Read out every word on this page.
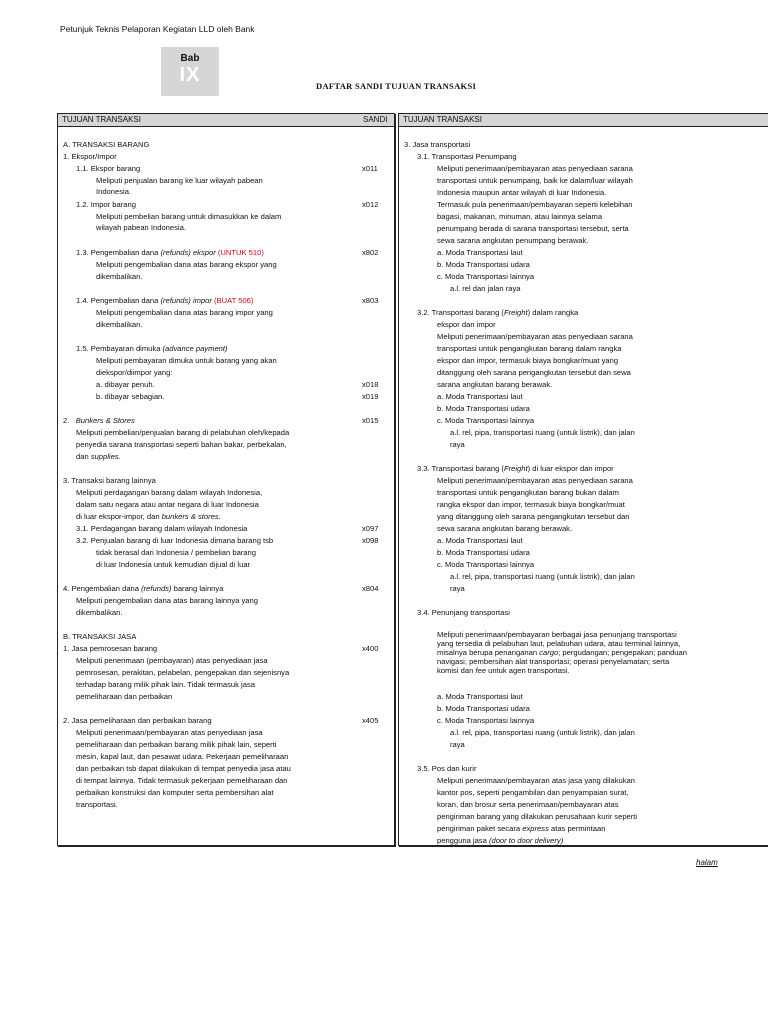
Petunjuk Teknis Pelaporan Kegiatan LLD oleh Bank
Bab
IX	DAFTAR SANDI TUJUAN TRANSAKSI
TUJUAN TRANSAKSI	SANDI
A. TRANSAKSI BARANG
1. Ekspor/Impor
1.1. Ekspor barang	x011
Meliputi penjualan barang ke luar wilayah pabean
Indonesia.
1.2. Impor barang	x012
Meliputi pembelian barang untuk dimasukkan ke dalam
wilayah pabean Indonesia.
1.3. Pengembalian dana (refunds) ekspor (UNTUK 510)	x802
Meliputi pengembalian dana atas barang ekspor yang
dikembalikan.
1.4. Pengembalian dana (refunds) impor (BUAT 506)	x803
Meliputi pengembalian dana atas barang impor yang
dikembalikan.
1.5. Pembayaran dimuka (advance payment)
Meliputi pembayaran dimuka untuk barang yang akan
diekspor/diimpor yang:
a. dibayar penuh.	x018
b. dibayar sebagian.	x019
2. Bunkers & Stores	x015
Meliputi pembelian/penjualan barang di pelabuhan oleh/kepada
penyedia sarana transportasi seperti bahan bakar, perbekalan,
dan supplies.
3. Transaksi barang lainnya
Meliputi perdagangan barang dalam wilayah Indonesia,
dalam satu negara atau antar negara di luar Indonesia
di luar ekspor-impor, dan bunkers & stores.
3.1. Perdagangan barang dalam wilayah Indonesia	x097
3.2. Penjualan barang di luar Indonesia dimana barang tsb	x098
tidak berasal dari Indonesia / pembelian barang
di luar Indonesia untuk kemudian dijual di luar
4. Pengembalian dana (refunds) barang lainnya	x804
Meliputi pengembalian dana atas barang lainnya yang
dikembalikan.
B. TRANSAKSI JASA
1. Jasa pemrosesan barang	x400
Meliputi penerimaan (pembayaran) atas penyediaan jasa
pemrosesan, perakitan, pelabelan, pengepakan dan sejenisnya
terhadap barang milik pihak lain. Tidak termasuk jasa
pemeliharaan dan perbaikan
2. Jasa pemeliharaan dan perbaikan barang	x405
Meliputi penerimaan/pembayaran atas penyediaan jasa
pemeliharaan dan perbaikan barang milik pihak lain, seperti
mesin, kapal laut, dan pesawat udara. Pekerjaan pemeliharaan
dan perbaikan tsb dapat dilakukan di tempat penyedia jasa atau
di tempat lainnya. Tidak termasuk pekerjaan pemeliharaan dan
perbaikan konstruksi dan komputer serta pembersihan alat
transportasi.
TUJUAN TRANSAKSI
3. Jasa transportasi
3.1. Transportasi Penumpang
Meliputi penerimaan/pembayaran atas penyediaan sarana
transportasi untuk penumpang, baik ke dalam/luar wilayah
Indonesia maupun antar wilayah di luar Indonesia.
Termasuk pula penerimaan/pembayaran seperti kelebihan
bagasi, makanan, minuman, atau lainnya selama
penumpang berada di sarana transportasi tersebut, serta
sewa sarana angkutan penumpang berawak.
a. Moda Transportasi laut
b. Moda Transportasi udara
c. Moda Transportasi lainnya
a.l. rel dan jalan raya
3.2. Transportasi barang (Freight) dalam rangka
ekspor dan impor
Meliputi penerimaan/pembayaran atas penyediaan sarana
transportasi untuk pengangkutan barang dalam rangka
ekspor dan impor, termasuk biaya bongkar/muat yang
ditanggung oleh sarana pengangkutan tersebut dan sewa
sarana angkutan barang berawak.
a. Moda Transportasi laut
b. Moda Transportasi udara
c. Moda Transportasi lainnya
a.l. rel, pipa, transportasi ruang (untuk listrik), dan jalan
raya
3.3. Transportasi barang (Freight) di luar ekspor dan impor
Meliputi penerimaan/pembayaran atas penyediaan sarana
transportasi untuk pengangkutan barang bukan dalam
rangka ekspor dan impor, termasuk biaya bongkar/muat
yang ditanggung oleh sarana pengangkutan tersebut dan
sewa sarana angkutan barang berawak.
a. Moda Transportasi laut
b. Moda Transportasi udara
c. Moda Transportasi lainnya
a.l. rel, pipa, transportasi ruang (untuk listrik), dan jalan
raya
3.4. Penunjang transportasi
Meliputi penerimaan/pembayaran berbagai jasa penunjang transportasi
yang tersedia di pelabuhan laut, pelabuhan udara, atau terminal lainnya,
misalnya berupa penanganan cargo; pergudangan; pengepakan; panduan
navigasi; pembersihan alat transportasi; operasi penyelamatan; serta
komisi dan fee untuk agen transportasi.
a. Moda Transportasi laut
b. Moda Transportasi udara
c. Moda Transportasi lainnya
a.l. rel, pipa, transportasi ruang (untuk listrik), dan jalan
raya
3.5. Pos dan kurir
Meliputi penerimaan/pembayaran atas jasa yang dilakukan
kantor pos, seperti pengambilan dan penyampaian surat,
koran, dan brosur serta penerimaan/pembayaran atas
pengiriman barang yang dilakukan perusahaan kurir seperti
pengiriman paket secara express atas permintaan
pengguna jasa (door to door delivery)
halam
